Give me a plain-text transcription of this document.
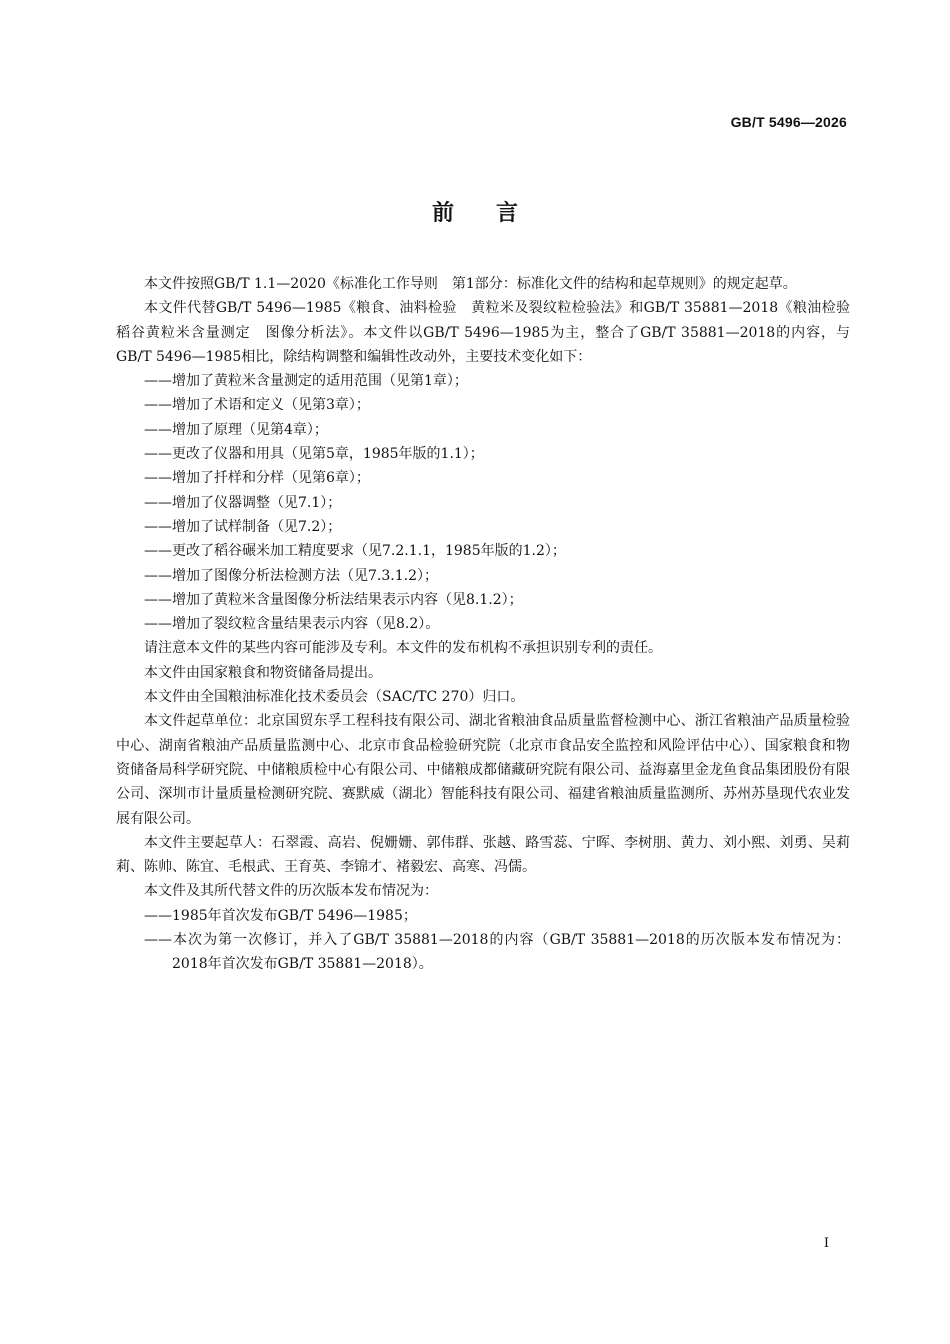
GB/T 5496—2026
前言

本文件按照GB/T 1.1—2020《标准化工作导则　第1部分：标准化文件的结构和起草规则》的规定起草。

本文件代替GB/T 5496—1985《粮食、油料检验　黄粒米及裂纹粒检验法》和GB/T 35881—2018《粮油检验　稻谷黄粒米含量测定　图像分析法》。本文件以GB/T 5496—1985为主，整合了GB/T 35881—2018的内容，与GB/T 5496—1985相比，除结构调整和编辑性改动外，主要技术变化如下：

——增加了黄粒米含量测定的适用范围（见第1章）；

——增加了术语和定义（见第3章）；

——增加了原理（见第4章）；

——更改了仪器和用具（见第5章，1985年版的1.1）；

——增加了扦样和分样（见第6章）；

——增加了仪器调整（见7.1）；

——增加了试样制备（见7.2）；

——更改了稻谷碾米加工精度要求（见7.2.1.1，1985年版的1.2）；

——增加了图像分析法检测方法（见7.3.1.2）；

——增加了黄粒米含量图像分析法结果表示内容（见8.1.2）；

——增加了裂纹粒含量结果表示内容（见8.2）。

请注意本文件的某些内容可能涉及专利。本文件的发布机构不承担识别专利的责任。

本文件由国家粮食和物资储备局提出。

本文件由全国粮油标准化技术委员会（SAC/TC 270）归口。

本文件起草单位：北京国贸东孚工程科技有限公司、湖北省粮油食品质量监督检测中心、浙江省粮油产品质量检验中心、湖南省粮油产品质量监测中心、北京市食品检验研究院（北京市食品安全监控和风险评估中心）、国家粮食和物资储备局科学研究院、中储粮质检中心有限公司、中储粮成都储藏研究院有限公司、益海嘉里金龙鱼食品集团股份有限公司、深圳市计量质量检测研究院、赛默威（湖北）智能科技有限公司、福建省粮油质量监测所、苏州苏垦现代农业发展有限公司。

本文件主要起草人：石翠霞、高岩、倪姗姗、郭伟群、张越、路雪蕊、宁晖、李树朋、黄力、刘小熙、刘勇、吴莉莉、陈帅、陈宜、毛根武、王育英、李锦才、褚毅宏、高寒、冯儒。

本文件及其所代替文件的历次版本发布情况为：

——1985年首次发布GB/T 5496—1985；

——本次为第一次修订，并入了GB/T 35881—2018的内容（GB/T 35881—2018的历次版本发布情况为：2018年首次发布GB/T 35881—2018）。

I
